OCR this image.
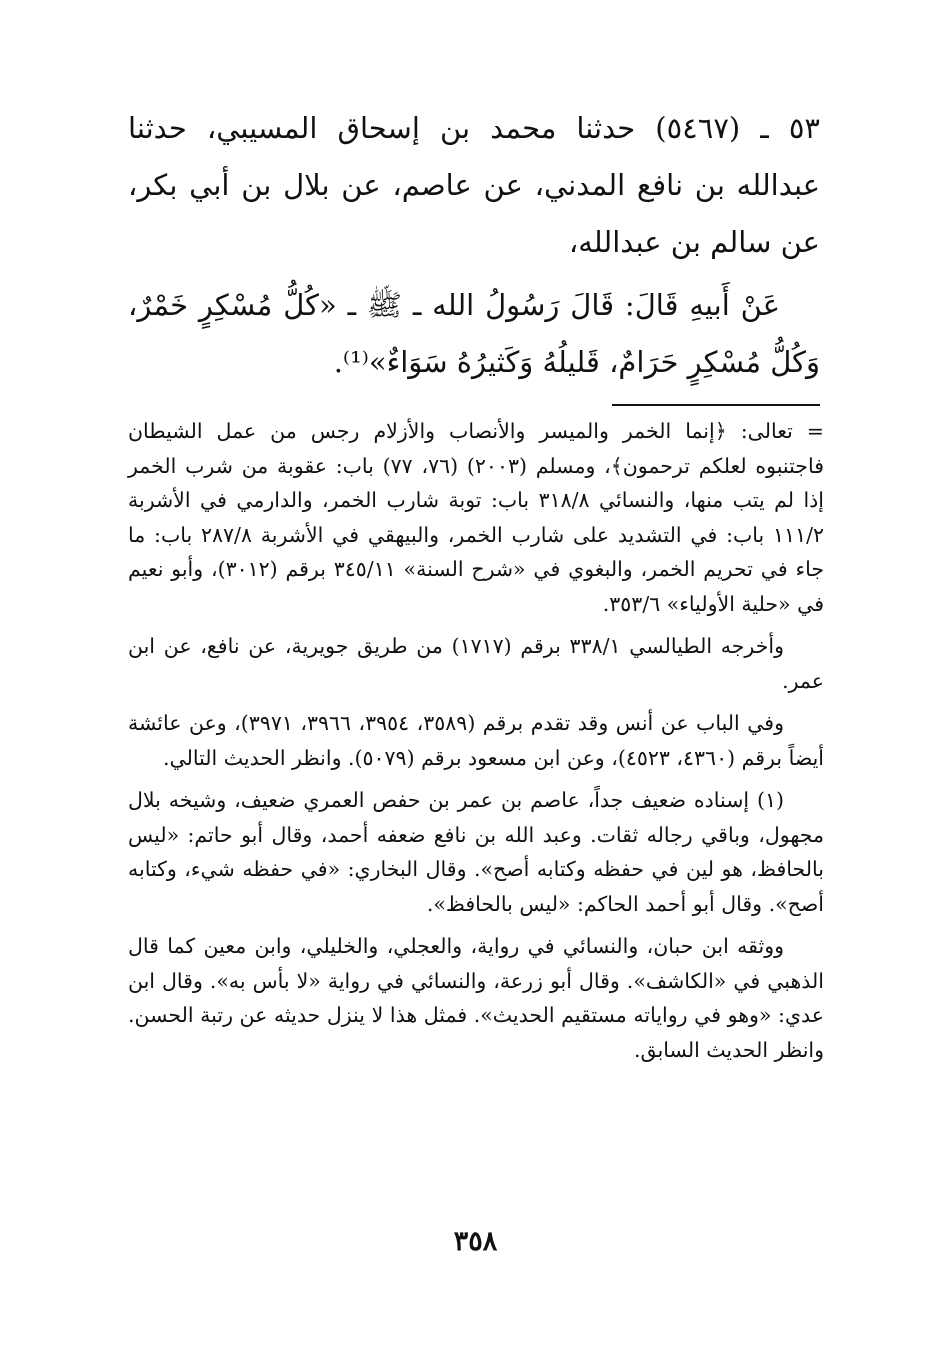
٥٣ ـ (٥٤٦٧) حدثنا محمد بن إسحاق المسيبي، حدثنا عبدالله بن نافع المدني، عن عاصم، عن بلال بن أبي بكر، عن سالم بن عبدالله،

عَنْ أَبيهِ قَالَ: قَالَ رَسُولُ الله ـ ﷺ ـ «كُلُّ مُسْكِرٍ خَمْرٌ، وَكُلُّ مُسْكِرٍ حَرَامٌ، قَليلُهُ وَكَثيرُهُ سَوَاءٌ»⁽¹⁾.

= تعالى: ﴿إنما الخمر والميسر والأنصاب والأزلام رجس من عمل الشيطان فاجتنبوه لعلكم ترحمون﴾، ومسلم (٢٠٠٣) (٧٦، ٧٧) باب: عقوبة من شرب الخمر إذا لم يتب منها، والنسائي ٣١٨/٨ باب: توبة شارب الخمر، والدارمي في الأشربة ١١١/٢ باب: في التشديد على شارب الخمر، والبيهقي في الأشربة ٢٨٧/٨ باب: ما جاء في تحريم الخمر، والبغوي في «شرح السنة» ٣٤٥/١١ برقم (٣٠١٢)، وأبو نعيم في «حلية الأولياء» ٣٥٣/٦.

وأخرجه الطيالسي ٣٣٨/١ برقم (١٧١٧) من طريق جويرية، عن نافع، عن ابن عمر.

وفي الباب عن أنس وقد تقدم برقم (٣٥٨٩، ٣٩٥٤، ٣٩٦٦، ٣٩٧١)، وعن عائشة أيضاً برقم (٤٣٦٠، ٤٥٢٣)، وعن ابن مسعود برقم (٥٠٧٩). وانظر الحديث التالي.

(١) إسناده ضعيف جداً، عاصم بن عمر بن حفص العمري ضعيف، وشيخه بلال مجهول، وباقي رجاله ثقات. وعبد الله بن نافع ضعفه أحمد، وقال أبو حاتم: «ليس بالحافظ، هو لين في حفظه وكتابه أصح». وقال البخاري: «في حفظه شيء، وكتابه أصح». وقال أبو أحمد الحاكم: «ليس بالحافظ».

ووثقه ابن حبان، والنسائي في رواية، والعجلي، والخليلي، وابن معين كما قال الذهبي في «الكاشف». وقال أبو زرعة، والنسائي في رواية «لا بأس به». وقال ابن عدي: «وهو في رواياته مستقيم الحديث». فمثل هذا لا ينزل حديثه عن رتبة الحسن. وانظر الحديث السابق.

٣٥٨
